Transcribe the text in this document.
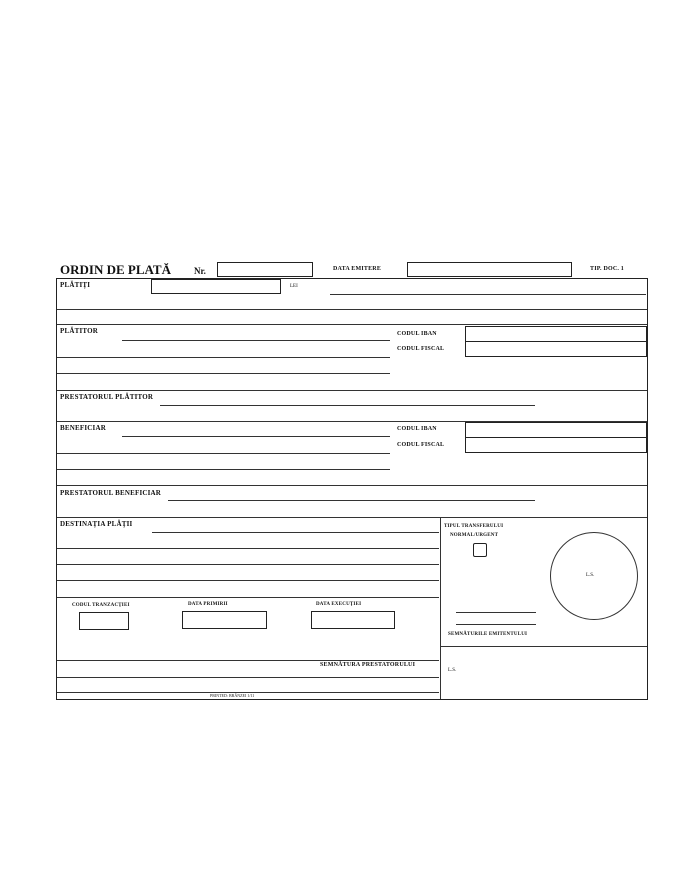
ORDIN DE PLATĂ	Nr.	DATA EMITERE	TIP. DOC. 1
PLĂTIŢI	LEI
PLĂTITOR	CODUL IBAN
CODUL FISCAL
PRESTATORUL PLĂTITOR
BENEFICIAR	CODUL IBAN
CODUL FISCAL
PRESTATORUL BENEFICIAR
DESTINAŢIA PLĂŢII	TIPUL TRANSFERULUI
NORMAL/URGENT
L.S.
SEMNĂTURILE EMITENTULUI
CODUL TRANZACŢIEI	DATA PRIMIRII	DATA EXECUŢIEI
SEMNĂTURA PRESTATORULUI
L.S.
PRINTED: BRÂNZEI 1/11
